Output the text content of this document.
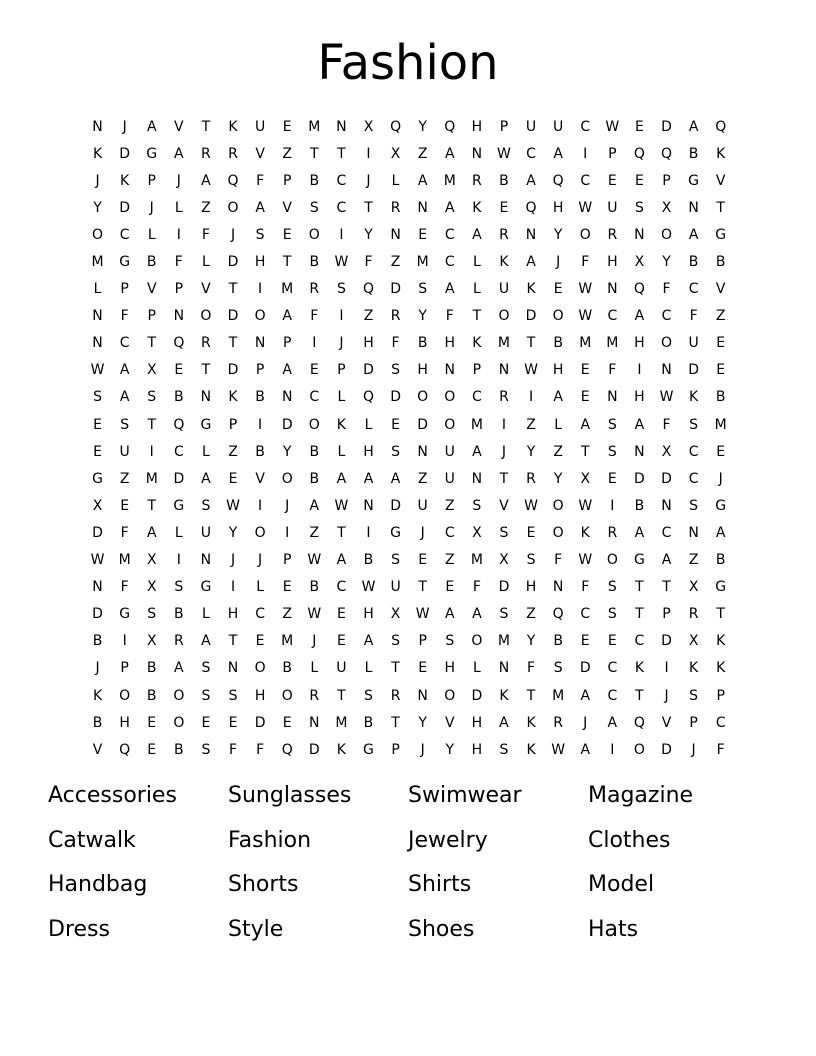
Fashion
N	J	A	V	T	K	U	E	M	N	X	Q	Y	Q	H	P	U	U	C	W	E	D	A	Q
K	D	G	A	R	R	V	Z	T	T	I	X	Z	A	N	W	C	A	I	P	Q	Q	B	K
J	K	P	J	A	Q	F	P	B	C	J	L	A	M	R	B	A	Q	C	E	E	P	G	V
Y	D	J	L	Z	O	A	V	S	C	T	R	N	A	K	E	Q	H	W	U	S	X	N	T
O	C	L	I	F	J	S	E	O	I	Y	N	E	C	A	R	N	Y	O	R	N	O	A	G
M	G	B	F	L	D	H	T	B	W	F	Z	M	C	L	K	A	J	F	H	X	Y	B	B
L	P	V	P	V	T	I	M	R	S	Q	D	S	A	L	U	K	E	W	N	Q	F	C	V
N	F	P	N	O	D	O	A	F	I	Z	R	Y	F	T	O	D	O	W	C	A	C	F	Z
N	C	T	Q	R	T	N	P	I	J	H	F	B	H	K	M	T	B	M	M	H	O	U	E
W	A	X	E	T	D	P	A	E	P	D	S	H	N	P	N	W	H	E	F	I	N	D	E
S	A	S	B	N	K	B	N	C	L	Q	D	O	O	C	R	I	A	E	N	H	W	K	B
E	S	T	Q	G	P	I	D	O	K	L	E	D	O	M	I	Z	L	A	S	A	F	S	M
E	U	I	C	L	Z	B	Y	B	L	H	S	N	U	A	J	Y	Z	T	S	N	X	C	E
G	Z	M	D	A	E	V	O	B	A	A	A	Z	U	N	T	R	Y	X	E	D	D	C	J
X	E	T	G	S	W	I	J	A	W	N	D	U	Z	S	V	W	O	W	I	B	N	S	G
D	F	A	L	U	Y	O	I	Z	T	I	G	J	C	X	S	E	O	K	R	A	C	N	A
W	M	X	I	N	J	J	P	W	A	B	S	E	Z	M	X	S	F	W	O	G	A	Z	B
N	F	X	S	G	I	L	E	B	C	W	U	T	E	F	D	H	N	F	S	T	T	X	G
D	G	S	B	L	H	C	Z	W	E	H	X	W	A	A	S	Z	Q	C	S	T	P	R	T
B	I	X	R	A	T	E	M	J	E	A	S	P	S	O	M	Y	B	E	E	C	D	X	K
J	P	B	A	S	N	O	B	L	U	L	T	E	H	L	N	F	S	D	C	K	I	K	K
K	O	B	O	S	S	H	O	R	T	S	R	N	O	D	K	T	M	A	C	T	J	S	P
B	H	E	O	E	E	D	E	N	M	B	T	Y	V	H	A	K	R	J	A	Q	V	P	C
V	Q	E	B	S	F	F	Q	D	K	G	P	J	Y	H	S	K	W	A	I	O	D	J	F
Accessories	Sunglasses	Swimwear	Magazine
Catwalk	Fashion	Jewelry	Clothes
Handbag	Shorts	Shirts	Model
Dress	Style	Shoes	Hats
